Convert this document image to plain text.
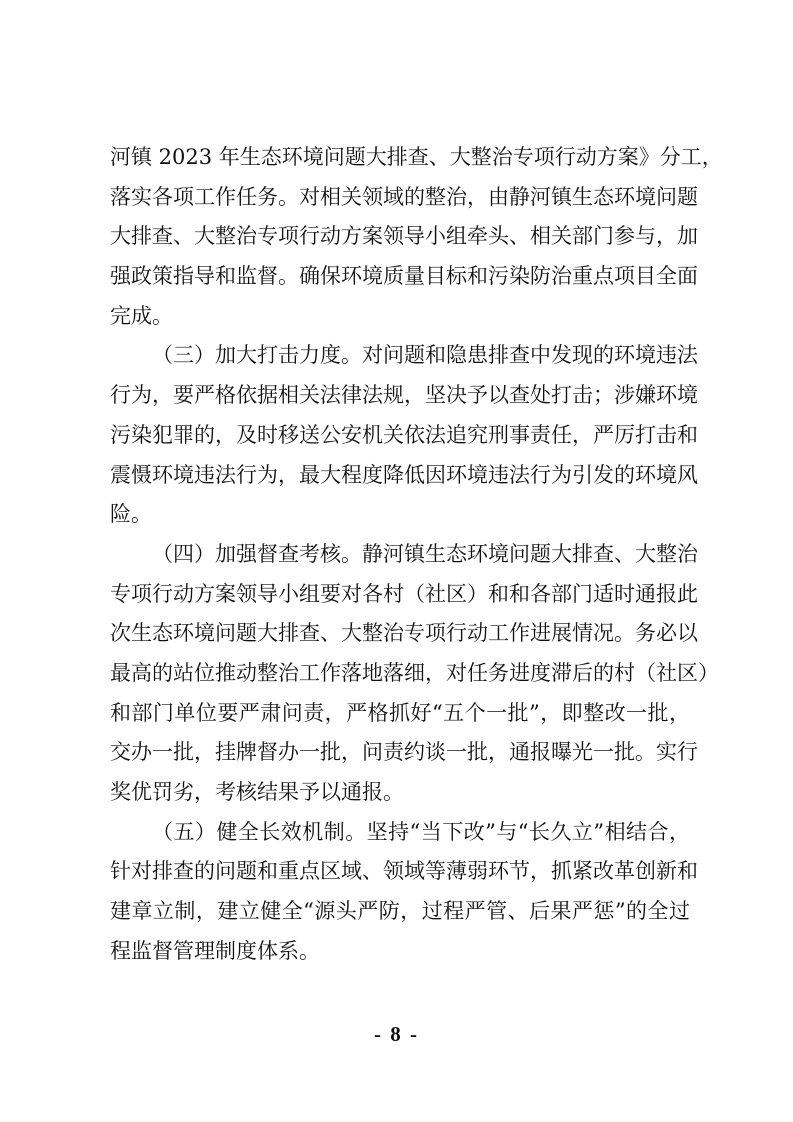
河镇 2023 年生态环境问题大排查、大整治专项行动方案》分工，
落实各项工作任务。对相关领域的整治，由静河镇生态环境问题
大排查、大整治专项行动方案领导小组牵头、相关部门参与，加
强政策指导和监督。确保环境质量目标和污染防治重点项目全面
完成。
（三）加大打击力度。对问题和隐患排查中发现的环境违法
行为，要严格依据相关法律法规，坚决予以查处打击；涉嫌环境
污染犯罪的，及时移送公安机关依法追究刑事责任，严厉打击和
震慑环境违法行为，最大程度降低因环境违法行为引发的环境风
险。
（四）加强督查考核。静河镇生态环境问题大排查、大整治
专项行动方案领导小组要对各村（社区）和和各部门适时通报此
次生态环境问题大排查、大整治专项行动工作进展情况。务必以
最高的站位推动整治工作落地落细，对任务进度滞后的村（社区）
和部门单位要严肃问责，严格抓好“五个一批”，即整改一批，
交办一批，挂牌督办一批，问责约谈一批，通报曝光一批。实行
奖优罚劣，考核结果予以通报。
（五）健全长效机制。坚持“当下改”与“长久立”相结合，
针对排查的问题和重点区域、领域等薄弱环节，抓紧改革创新和
建章立制，建立健全“源头严防，过程严管、后果严惩”的全过
程监督管理制度体系。
- 8 -
